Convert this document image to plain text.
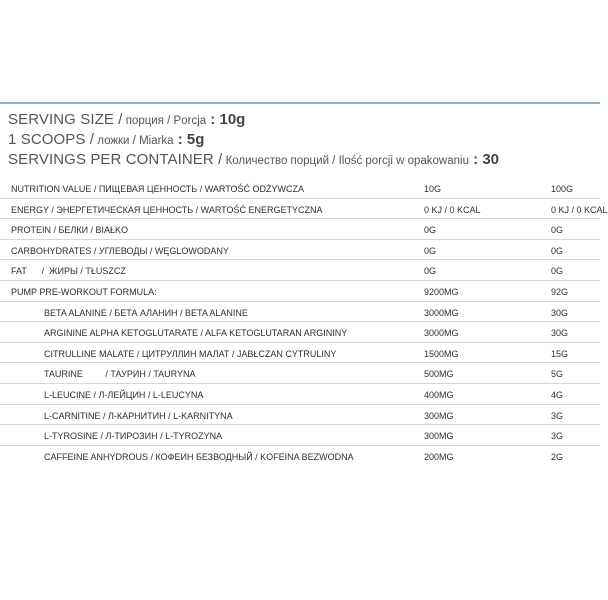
SERVING SIZE / порция / Porcja : 10g
1 SCOOPS / ложки / Miarka : 5g
SERVINGS PER CONTAINER / Количество порций / Ilość porcji w opakowaniu : 30
NUTRITION VALUE / ПИЩЕВАЯ ЦЕННОСТЬ / WARTOŚĆ ODŻYWCZA	10G	100G
ENERGY / ЭНЕРГЕТИЧЕСКАЯ ЦЕННОСТЬ / WARTOŚĆ ENERGETYCZNA	0 KJ / 0 KCAL	0 KJ / 0 KCAL
PROTEIN / БЕЛКИ / BIAŁKO	0G	0G
CARBOHYDRATES / УГЛЕВОДЫ / WĘGLOWODANY	0G	0G
FAT      /  ЖИРЫ / TŁUSZCZ	0G	0G
PUMP PRE-WORKOUT FORMULA:	9200MG	92G
BETA ALANINE / БЕТА АЛАНИН / BETA ALANINE	3000MG	30G
ARGININE ALPHA KETOGLUTARATE / ALFA KETOGLUTARAN ARGININY	3000MG	30G
CITRULLINE MALATE / ЦИТРУЛЛИН МАЛАТ / JABŁCZAN CYTRULINY	1500MG	15G
TAURINE         / ТАУРИН / TAURYNA	500MG	5G
L-LEUCINE / Л-ЛЕЙЦИН / L-LEUCYNA	400MG	4G
L-CARNITINE / Л-КАРНИТИН / L-KARNITYNA	300MG	3G
L-TYROSINE / Л-ТИРОЗИН / L-TYROZYNA	300MG	3G
CAFFEINE ANHYDROUS / КОФЕИН БЕЗВОДНЫЙ / KOFEINA BEZWODNA	200MG	2G
